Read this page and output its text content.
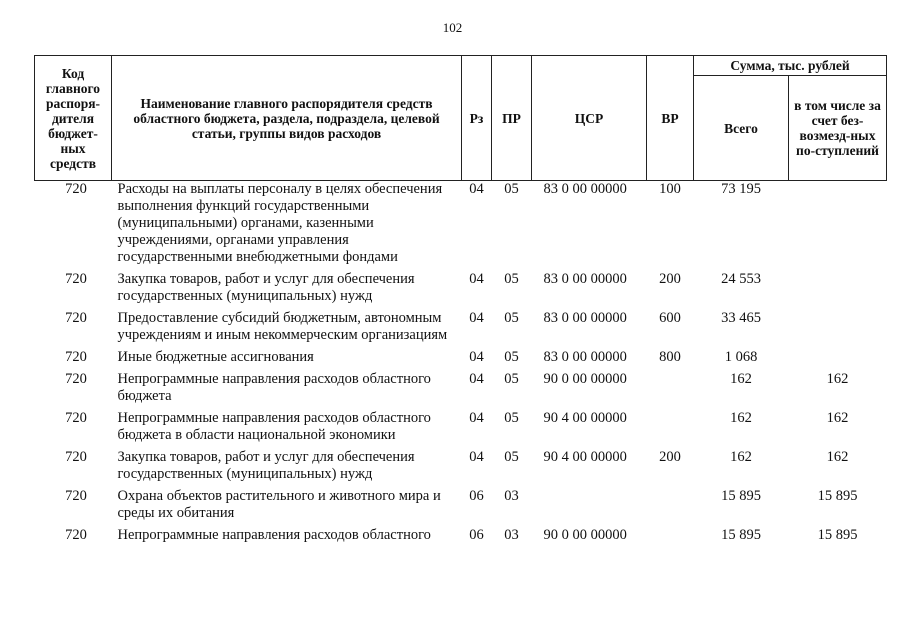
102
Код главного распоря-дителя бюджет-ных средств	Наименование главного распорядителя средств областного бюджета, раздела, подраздела, целевой статьи, группы видов расходов	Рз	ПР	ЦСР	ВР	Сумма, тыс. рублей	
						Всего	в том числе за счет без-возмезд-ных по-ступлений
720	Расходы на выплаты персоналу в целях обеспечения выполнения функций государственными (муниципальными) органами, казенными учреждениями, органами управления государственными внебюджетными фондами	04	05	83 0 00 00000	100	73 195	
720	Закупка товаров, работ и услуг для обеспечения государственных (муниципальных) нужд	04	05	83 0 00 00000	200	24 553	
720	Предоставление субсидий бюджетным, автономным учреждениям и иным некоммерческим организациям	04	05	83 0 00 00000	600	33 465	
720	Иные бюджетные ассигнования	04	05	83 0 00 00000	800	1 068	
720	Непрограммные направления расходов областного бюджета	04	05	90 0 00 00000		162	162
720	Непрограммные направления расходов областного бюджета в области национальной экономики	04	05	90 4 00 00000		162	162
720	Закупка товаров, работ и услуг для обеспечения государственных (муниципальных) нужд	04	05	90 4 00 00000	200	162	162
720	Охрана объектов растительного и животного мира и среды их обитания	06	03			15 895	15 895
720	Непрограммные направления расходов областного	06	03	90 0 00 00000		15 895	15 895
